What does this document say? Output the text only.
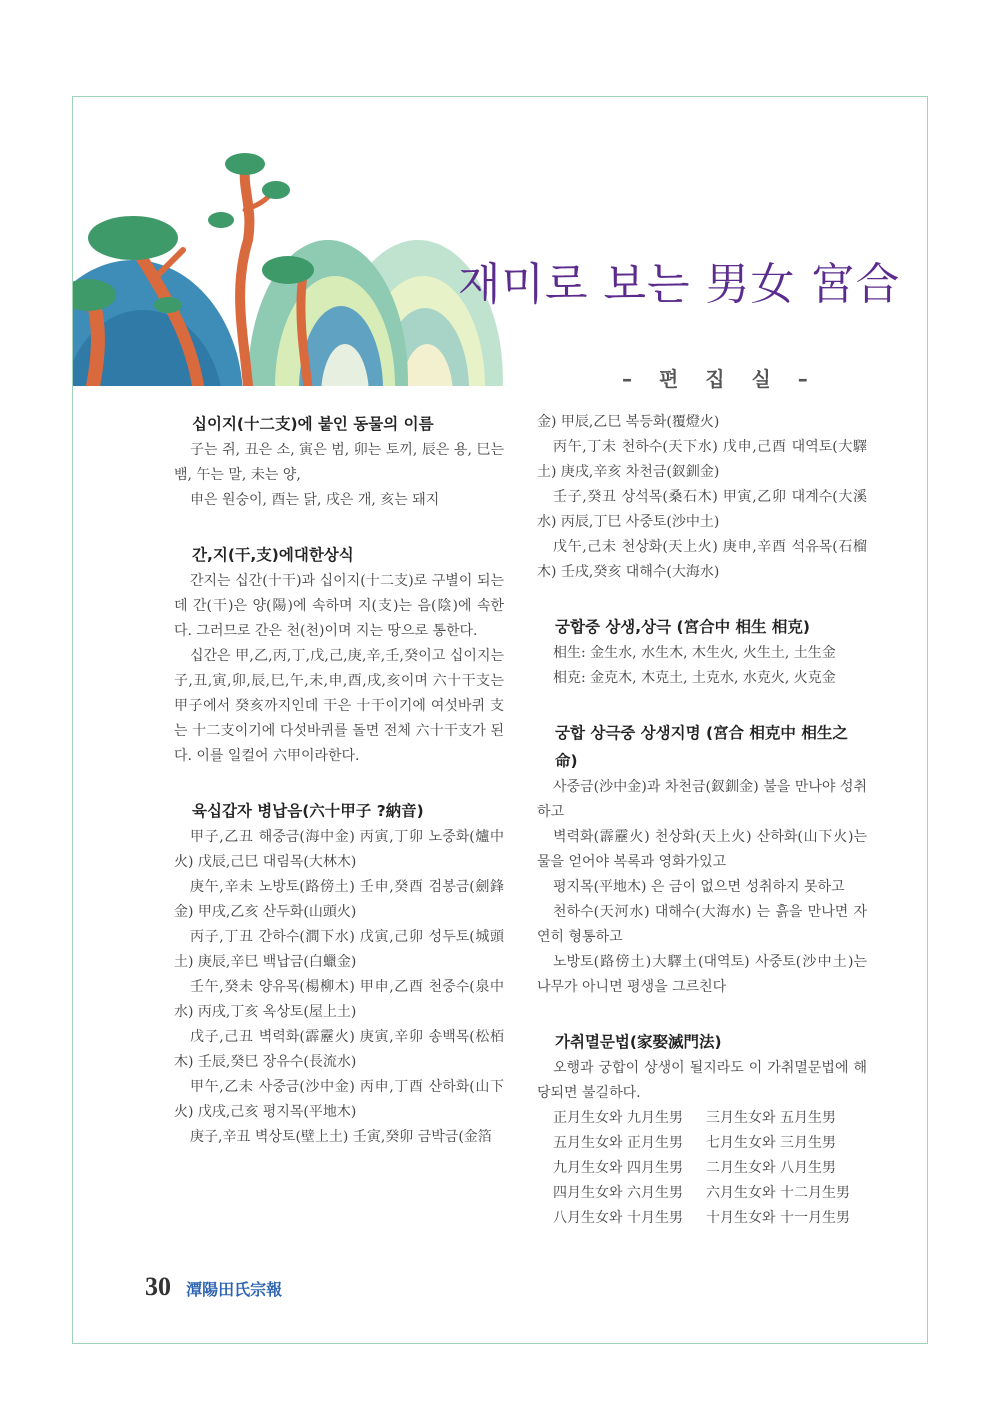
재미로 보는 男女 宮合
– 편 집 실 –
십이지(十二支)에 붙인 동물의 이름

子는 쥐, 丑은 소, 寅은 범, 卯는 토끼, 辰은 용, 巳는 뱀, 午는 말, 未는 양,

申은 원숭이, 酉는 닭, 戌은 개, 亥는 돼지

간,지(干,支)에대한상식

간지는 십간(十干)과 십이지(十二支)로 구별이 되는 데 간(干)은 양(陽)에 속하며 지(支)는 음(陰)에 속한다. 그러므로 간은 천(천)이며 지는 땅으로 통한다.

십간은 甲,乙,丙,丁,戊,己,庚,辛,壬,癸이고 십이지는 子,丑,寅,卯,辰,巳,午,未,申,酉,戌,亥이며 六十干支는 甲子에서 癸亥까지인데 干은 十干이기에 여섯바퀴 支는 十二支이기에 다섯바퀴를 돌면 전체 六十干支가 된다. 이를 일컬어 六甲이라한다.

육십갑자 병납음(六十甲子 ?納音)

甲子,乙丑 해중금(海中金) 丙寅,丁卯 노중화(爐中火) 戊辰,己巳 대림목(大林木)

庚午,辛未 노방토(路傍土) 壬申,癸酉 검봉금(劍鋒金) 甲戌,乙亥 산두화(山頭火)

丙子,丁丑 간하수(澗下水) 戊寅,己卯 성두토(城頭土) 庚辰,辛巳 백납금(白蠟金)

壬午,癸未 양유목(楊柳木) 甲申,乙酉 천중수(泉中水) 丙戌,丁亥 옥상토(屋上土)

戊子,己丑 벽력화(霹靂火) 庚寅,辛卯 송백목(松栢木) 壬辰,癸巳 장유수(長流水)

甲午,乙未 사중금(沙中金) 丙申,丁酉 산하화(山下火) 戊戌,己亥 평지목(平地木)

庚子,辛丑 벽상토(壁上土) 壬寅,癸卯 금박금(金箔

金) 甲辰,乙巳 복등화(覆燈火)

丙午,丁未 천하수(天下水) 戊申,己酉 대역토(大驛土) 庚戌,辛亥 차천금(釵釧金)

壬子,癸丑 상석목(桑石木) 甲寅,乙卯 대계수(大溪水) 丙辰,丁巳 사중토(沙中土)

戊午,己未 천상화(天上火) 庚申,辛酉 석유목(石榴木) 壬戌,癸亥 대해수(大海水)

궁합중 상생,상극 (宮合中 相生 相克)

相生: 金生水, 水生木, 木生火, 火生土, 土生金

相克: 金克木, 木克土, 土克水, 水克火, 火克金

궁합 상극중 상생지명 (宮合 相克中 相生之命)

사중금(沙中金)과 차천금(釵釧金) 불을 만나야 성취하고

벽력화(霹靂火) 천상화(天上火) 산하화(山下火)는 물을 얻어야 복록과 영화가있고

평지목(平地木) 은 금이 없으면 성취하지 못하고

천하수(天河水) 대해수(大海水) 는 흙을 만나면 자연히 형통하고

노방토(路傍土)大驛土(대역토) 사중토(沙中土)는 나무가 아니면 평생을 그르친다

가취멸문법(家娶滅門法)

오행과 궁합이 상생이 될지라도 이 가취멸문법에 해당되면 불길하다.

正月生女와 九月生男	三月生女와 五月生男
五月生女와 正月生男	七月生女와 三月生男
九月生女와 四月生男	二月生女와 八月生男
四月生女와 六月生男	六月生女와 十二月生男
八月生女와 十月生男	十月生女와 十一月生男
30 潭陽田氏宗報
